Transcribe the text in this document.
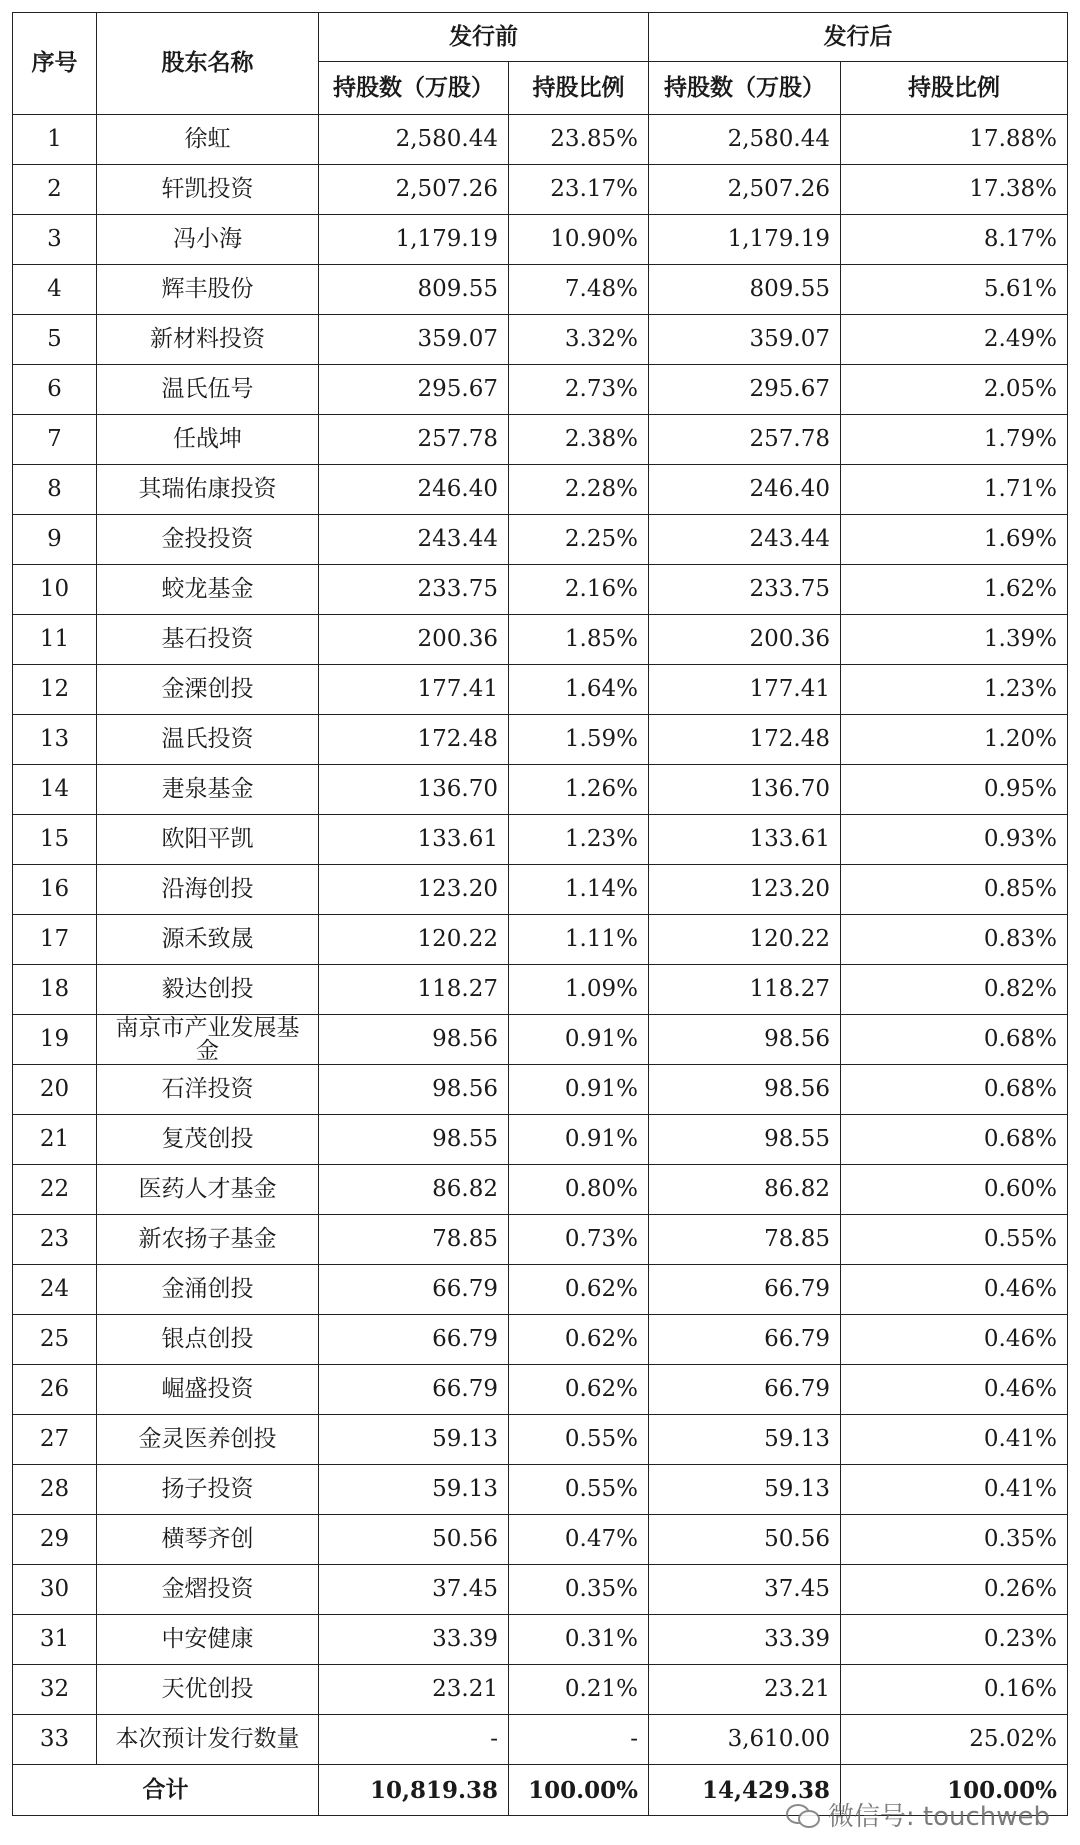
序号	股东名称	发行前		发行后	
		持股数（万股）	持股比例	持股数（万股）	持股比例
1	徐虹	2,580.44	23.85%	2,580.44	17.88%
2	轩凯投资	2,507.26	23.17%	2,507.26	17.38%
3	冯小海	1,179.19	10.90%	1,179.19	8.17%
4	辉丰股份	809.55	7.48%	809.55	5.61%
5	新材料投资	359.07	3.32%	359.07	2.49%
6	温氏伍号	295.67	2.73%	295.67	2.05%
7	任战坤	257.78	2.38%	257.78	1.79%
8	其瑞佑康投资	246.40	2.28%	246.40	1.71%
9	金投投资	243.44	2.25%	243.44	1.69%
10	蛟龙基金	233.75	2.16%	233.75	1.62%
11	基石投资	200.36	1.85%	200.36	1.39%
12	金溧创投	177.41	1.64%	177.41	1.23%
13	温氏投资	172.48	1.59%	172.48	1.20%
14	疌泉基金	136.70	1.26%	136.70	0.95%
15	欧阳平凯	133.61	1.23%	133.61	0.93%
16	沿海创投	123.20	1.14%	123.20	0.85%
17	源禾致晟	120.22	1.11%	120.22	0.83%
18	毅达创投	118.27	1.09%	118.27	0.82%
19	南京市产业发展基金	98.56	0.91%	98.56	0.68%
20	石洋投资	98.56	0.91%	98.56	0.68%
21	复茂创投	98.55	0.91%	98.55	0.68%
22	医药人才基金	86.82	0.80%	86.82	0.60%
23	新农扬子基金	78.85	0.73%	78.85	0.55%
24	金涌创投	66.79	0.62%	66.79	0.46%
25	银点创投	66.79	0.62%	66.79	0.46%
26	崛盛投资	66.79	0.62%	66.79	0.46%
27	金灵医养创投	59.13	0.55%	59.13	0.41%
28	扬子投资	59.13	0.55%	59.13	0.41%
29	横琴齐创	50.56	0.47%	50.56	0.35%
30	金熠投资	37.45	0.35%	37.45	0.26%
31	中安健康	33.39	0.31%	33.39	0.23%
32	天优创投	23.21	0.21%	23.21	0.16%
33	本次预计发行数量	-	-	3,610.00	25.02%
合计		10,819.38	100.00%	14,429.38	100.00%
微信号: touchweb
